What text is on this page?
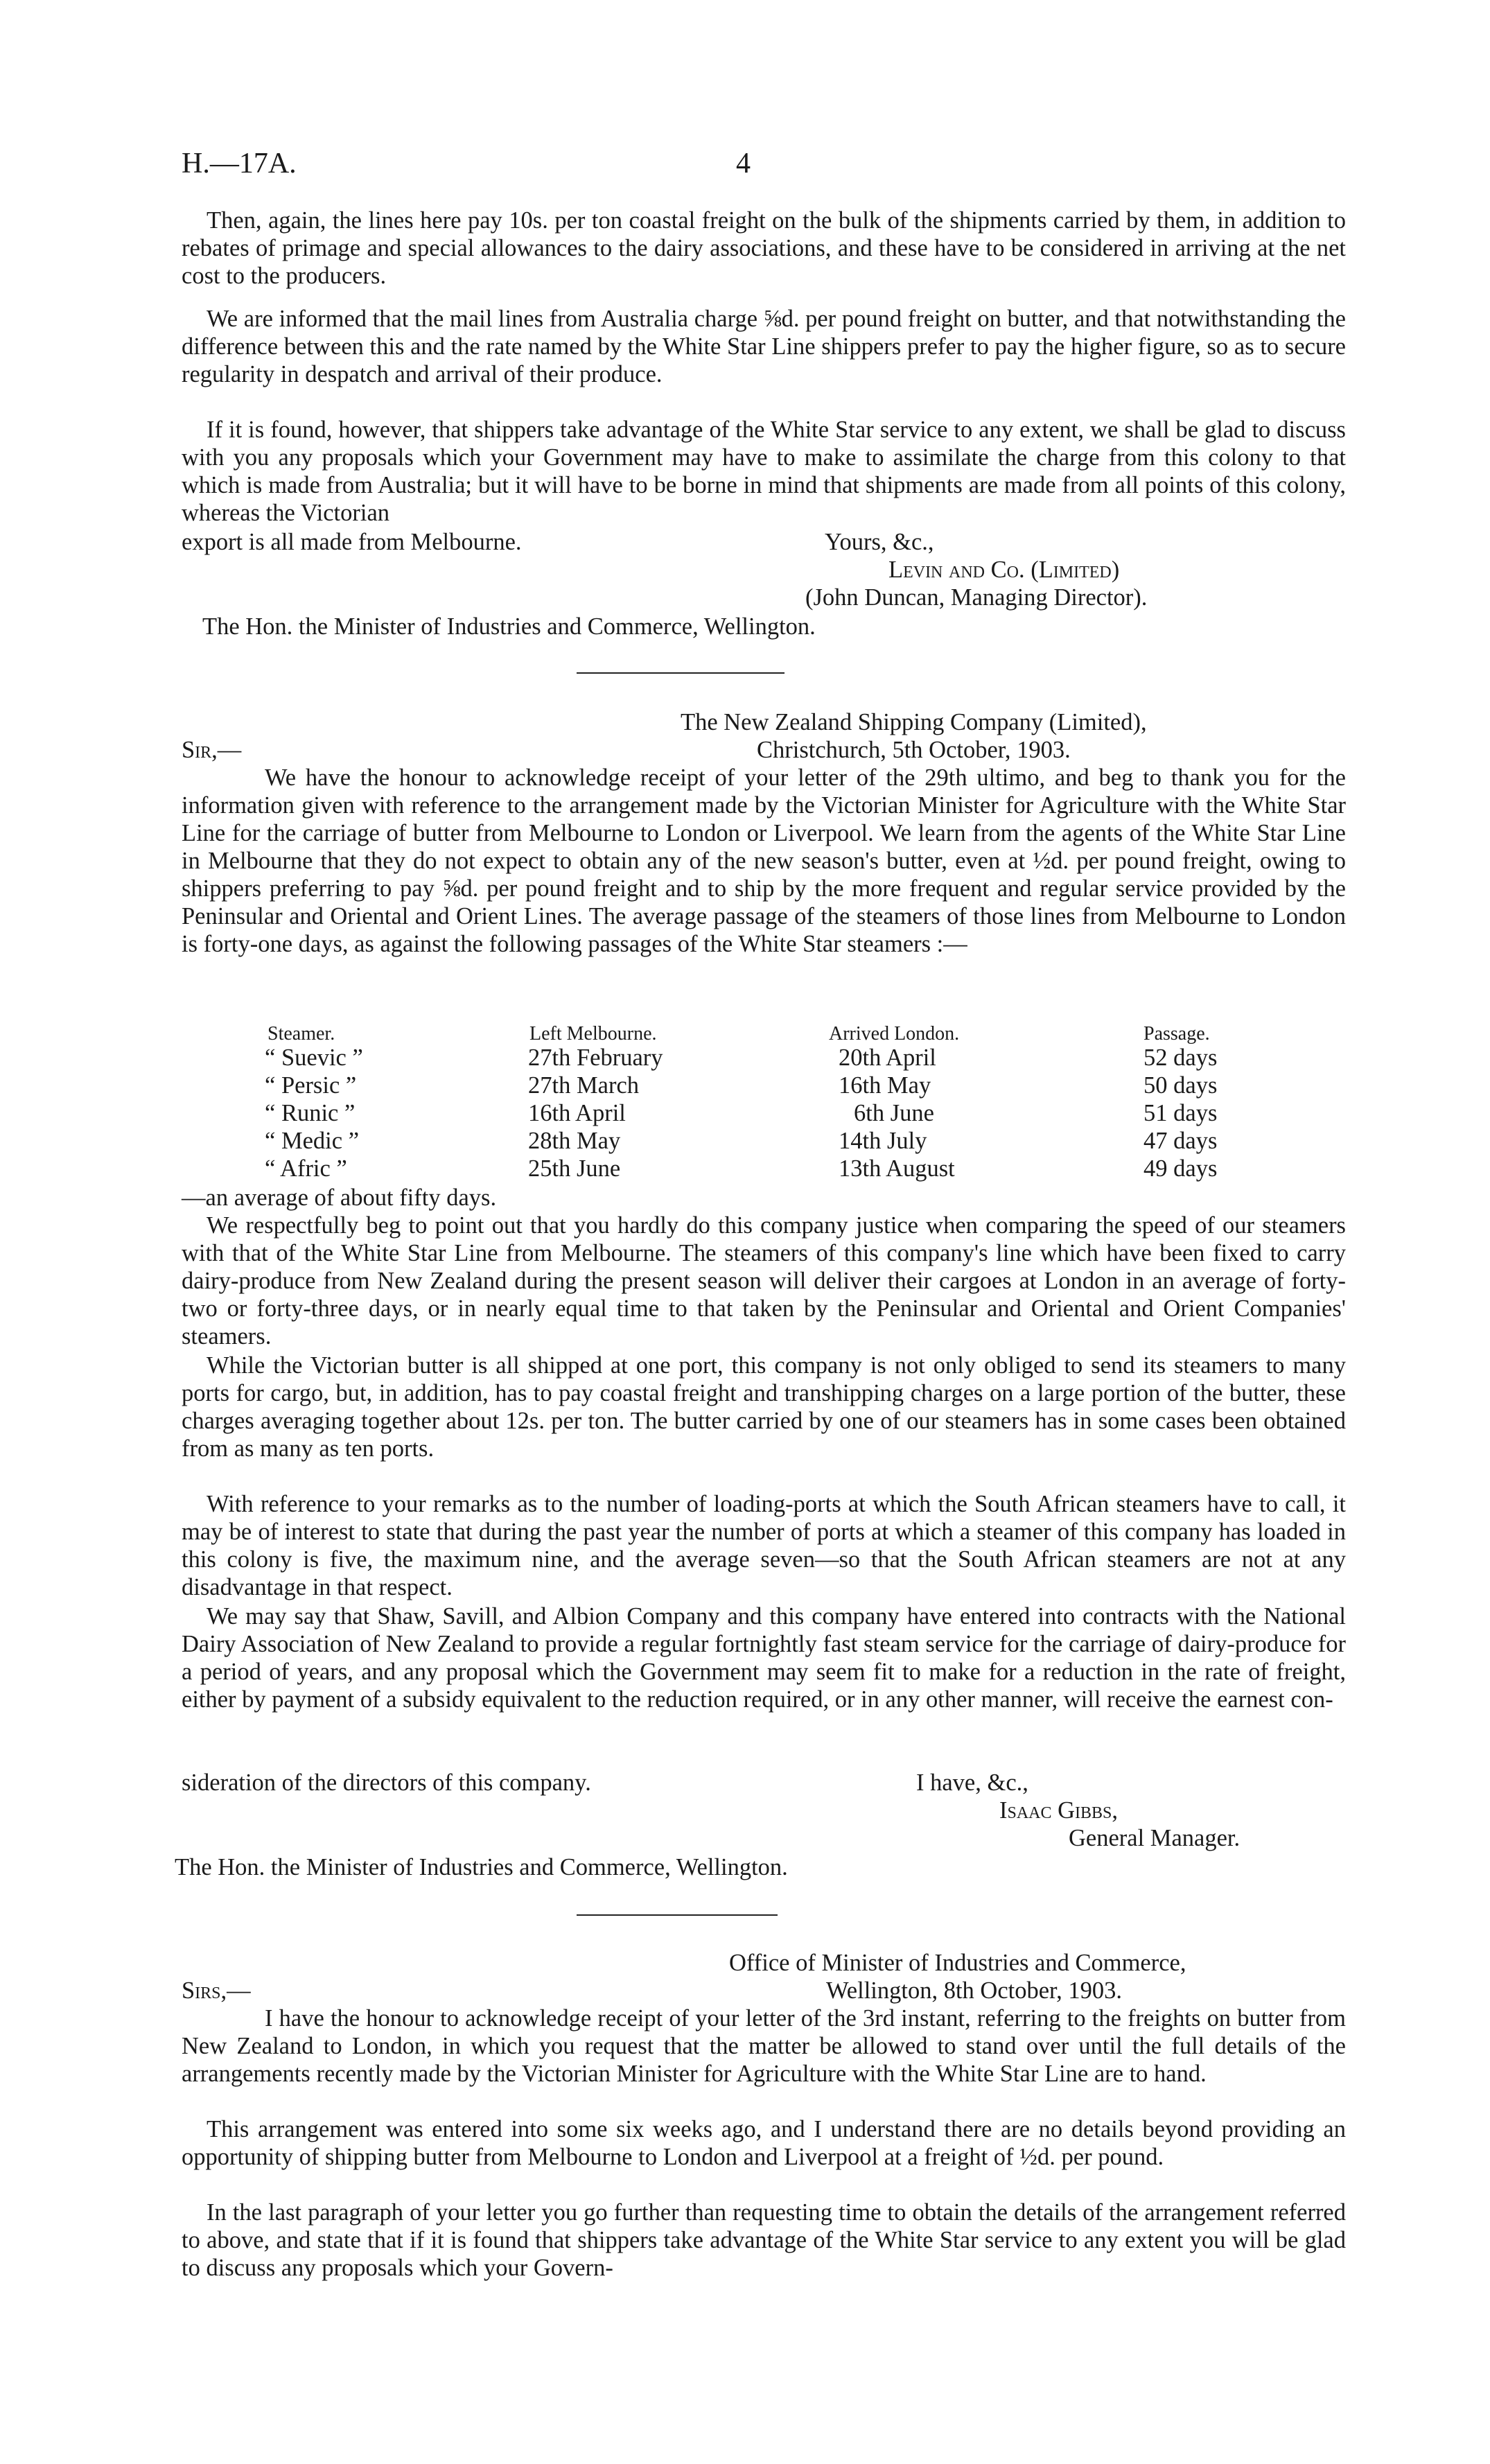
H.—17A.	4

Then, again, the lines here pay 10s. per ton coastal freight on the bulk of the shipments carried by them, in addition to rebates of primage and special allowances to the dairy associations, and these have to be considered in arriving at the net cost to the producers.

We are informed that the mail lines from Australia charge ⅝d. per pound freight on butter, and that notwithstanding the difference between this and the rate named by the White Star Line shippers prefer to pay the higher figure, so as to secure regularity in despatch and arrival of their produce.

If it is found, however, that shippers take advantage of the White Star service to any extent, we shall be glad to discuss with you any proposals which your Government may have to make to assimilate the charge from this colony to that which is made from Australia; but it will have to be borne in mind that shipments are made from all points of this colony, whereas the Victorian

export is all made from Melbourne.	Yours, &c.,
Levin and Co. (Limited)
(John Duncan, Managing Director).
The Hon. the Minister of Industries and Commerce, Wellington.
The New Zealand Shipping Company (Limited),
Sir,—	Christchurch, 5th October, 1903.

We have the honour to acknowledge receipt of your letter of the 29th ultimo, and beg to thank you for the information given with reference to the arrangement made by the Victorian Minister for Agriculture with the White Star Line for the carriage of butter from Melbourne to London or Liverpool. We learn from the agents of the White Star Line in Melbourne that they do not expect to obtain any of the new season's butter, even at ½d. per pound freight, owing to shippers preferring to pay ⅝d. per pound freight and to ship by the more frequent and regular service provided by the Peninsular and Oriental and Orient Lines. The average passage of the steamers of those lines from Melbourne to London is forty-one days, as against the following passages of the White Star steamers :—

Steamer.	Left Melbourne.	Arrived London.	Passage.
“ Suevic ”	27th February	20th April	52 days
“ Persic ”	27th March	16th May	50 days
“ Runic ”	16th April	6th June	51 days
“ Medic ”	28th May	14th July	47 days
“ Afric ”	25th June	13th August	49 days
—an average of about fifty days.

We respectfully beg to point out that you hardly do this company justice when comparing the speed of our steamers with that of the White Star Line from Melbourne. The steamers of this company's line which have been fixed to carry dairy-produce from New Zealand during the present season will deliver their cargoes at London in an average of forty-two or forty-three days, or in nearly equal time to that taken by the Peninsular and Oriental and Orient Companies' steamers.

While the Victorian butter is all shipped at one port, this company is not only obliged to send its steamers to many ports for cargo, but, in addition, has to pay coastal freight and transhipping charges on a large portion of the butter, these charges averaging together about 12s. per ton. The butter carried by one of our steamers has in some cases been obtained from as many as ten ports.

With reference to your remarks as to the number of loading-ports at which the South African steamers have to call, it may be of interest to state that during the past year the number of ports at which a steamer of this company has loaded in this colony is five, the maximum nine, and the average seven—so that the South African steamers are not at any disadvantage in that respect.

We may say that Shaw, Savill, and Albion Company and this company have entered into contracts with the National Dairy Association of New Zealand to provide a regular fortnightly fast steam service for the carriage of dairy-produce for a period of years, and any proposal which the Government may seem fit to make for a reduction in the rate of freight, either by payment of a subsidy equivalent to the reduction required, or in any other manner, will receive the earnest con-

sideration of the directors of this company.	I have, &c.,
Isaac Gibbs,
General Manager.
The Hon. the Minister of Industries and Commerce, Wellington.
Office of Minister of Industries and Commerce,
Sirs,—	Wellington, 8th October, 1903.

I have the honour to acknowledge receipt of your letter of the 3rd instant, referring to the freights on butter from New Zealand to London, in which you request that the matter be allowed to stand over until the full details of the arrangements recently made by the Victorian Minister for Agriculture with the White Star Line are to hand.

This arrangement was entered into some six weeks ago, and I understand there are no details beyond providing an opportunity of shipping butter from Melbourne to London and Liverpool at a freight of ½d. per pound.

In the last paragraph of your letter you go further than requesting time to obtain the details of the arrangement referred to above, and state that if it is found that shippers take advantage of the White Star service to any extent you will be glad to discuss any proposals which your Govern-
